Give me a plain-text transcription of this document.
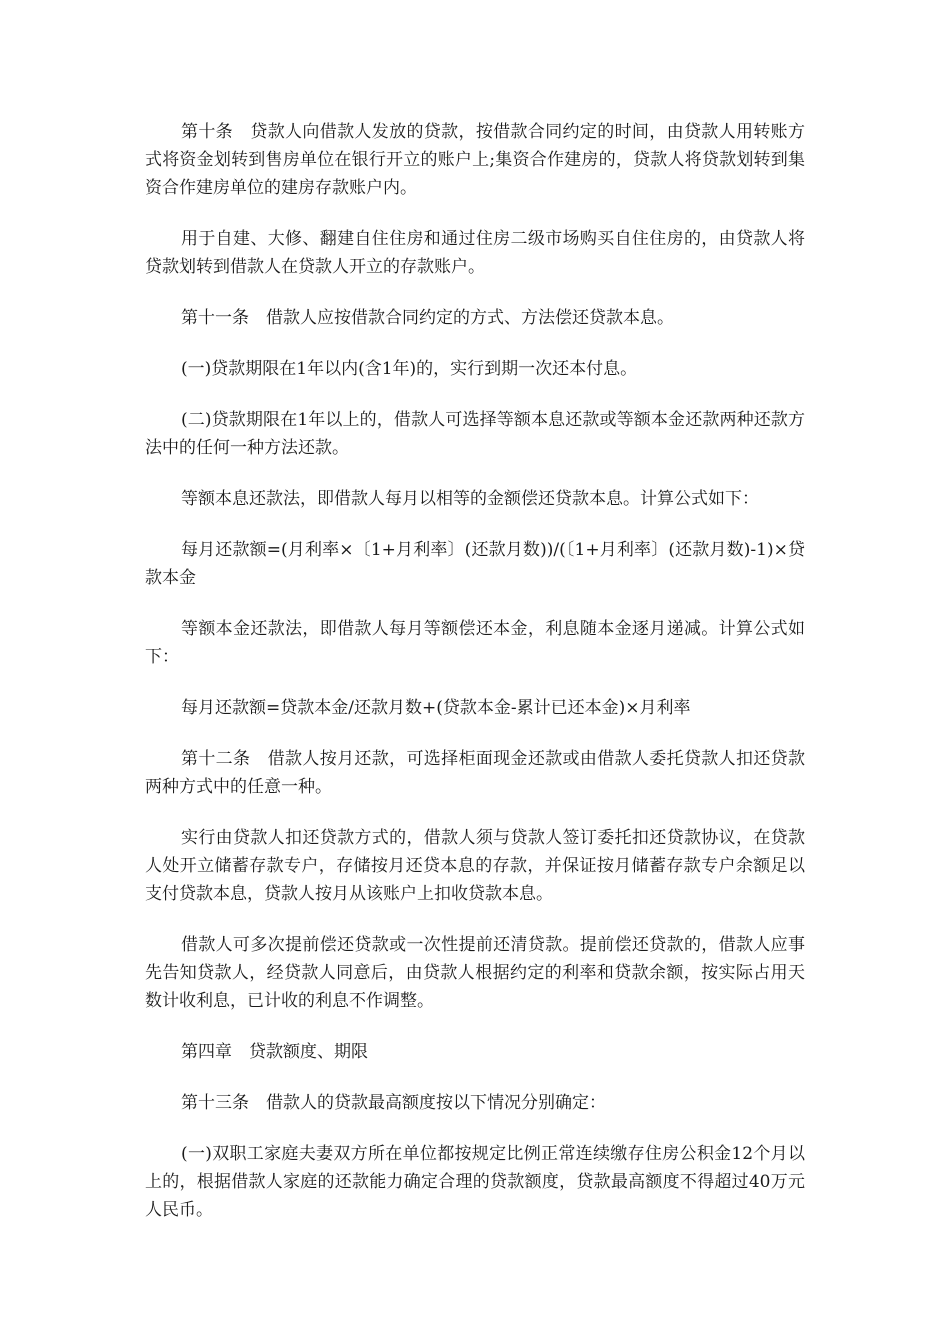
第十条　贷款人向借款人发放的贷款，按借款合同约定的时间，由贷款人用转账方式将资金划转到售房单位在银行开立的账户上;集资合作建房的，贷款人将贷款划转到集资合作建房单位的建房存款账户内。

用于自建、大修、翻建自住住房和通过住房二级市场购买自住住房的，由贷款人将贷款划转到借款人在贷款人开立的存款账户。

第十一条　借款人应按借款合同约定的方式、方法偿还贷款本息。

(一)贷款期限在1年以内(含1年)的，实行到期一次还本付息。

(二)贷款期限在1年以上的，借款人可选择等额本息还款或等额本金还款两种还款方法中的任何一种方法还款。

等额本息还款法，即借款人每月以相等的金额偿还贷款本息。计算公式如下：

每月还款额=(月利率×〔1+月利率〕(还款月数))/(〔1+月利率〕(还款月数)-1)×贷款本金

等额本金还款法，即借款人每月等额偿还本金，利息随本金逐月递减。计算公式如下：

每月还款额=贷款本金/还款月数+(贷款本金-累计已还本金)×月利率

第十二条　借款人按月还款，可选择柜面现金还款或由借款人委托贷款人扣还贷款两种方式中的任意一种。

实行由贷款人扣还贷款方式的，借款人须与贷款人签订委托扣还贷款协议，在贷款人处开立储蓄存款专户，存储按月还贷本息的存款，并保证按月储蓄存款专户余额足以支付贷款本息，贷款人按月从该账户上扣收贷款本息。

借款人可多次提前偿还贷款或一次性提前还清贷款。提前偿还贷款的，借款人应事先告知贷款人，经贷款人同意后，由贷款人根据约定的利率和贷款余额，按实际占用天数计收利息，已计收的利息不作调整。

第四章　贷款额度、期限

第十三条　借款人的贷款最高额度按以下情况分别确定：

(一)双职工家庭夫妻双方所在单位都按规定比例正常连续缴存住房公积金12个月以上的，根据借款人家庭的还款能力确定合理的贷款额度，贷款最高额度不得超过40万元人民币。
